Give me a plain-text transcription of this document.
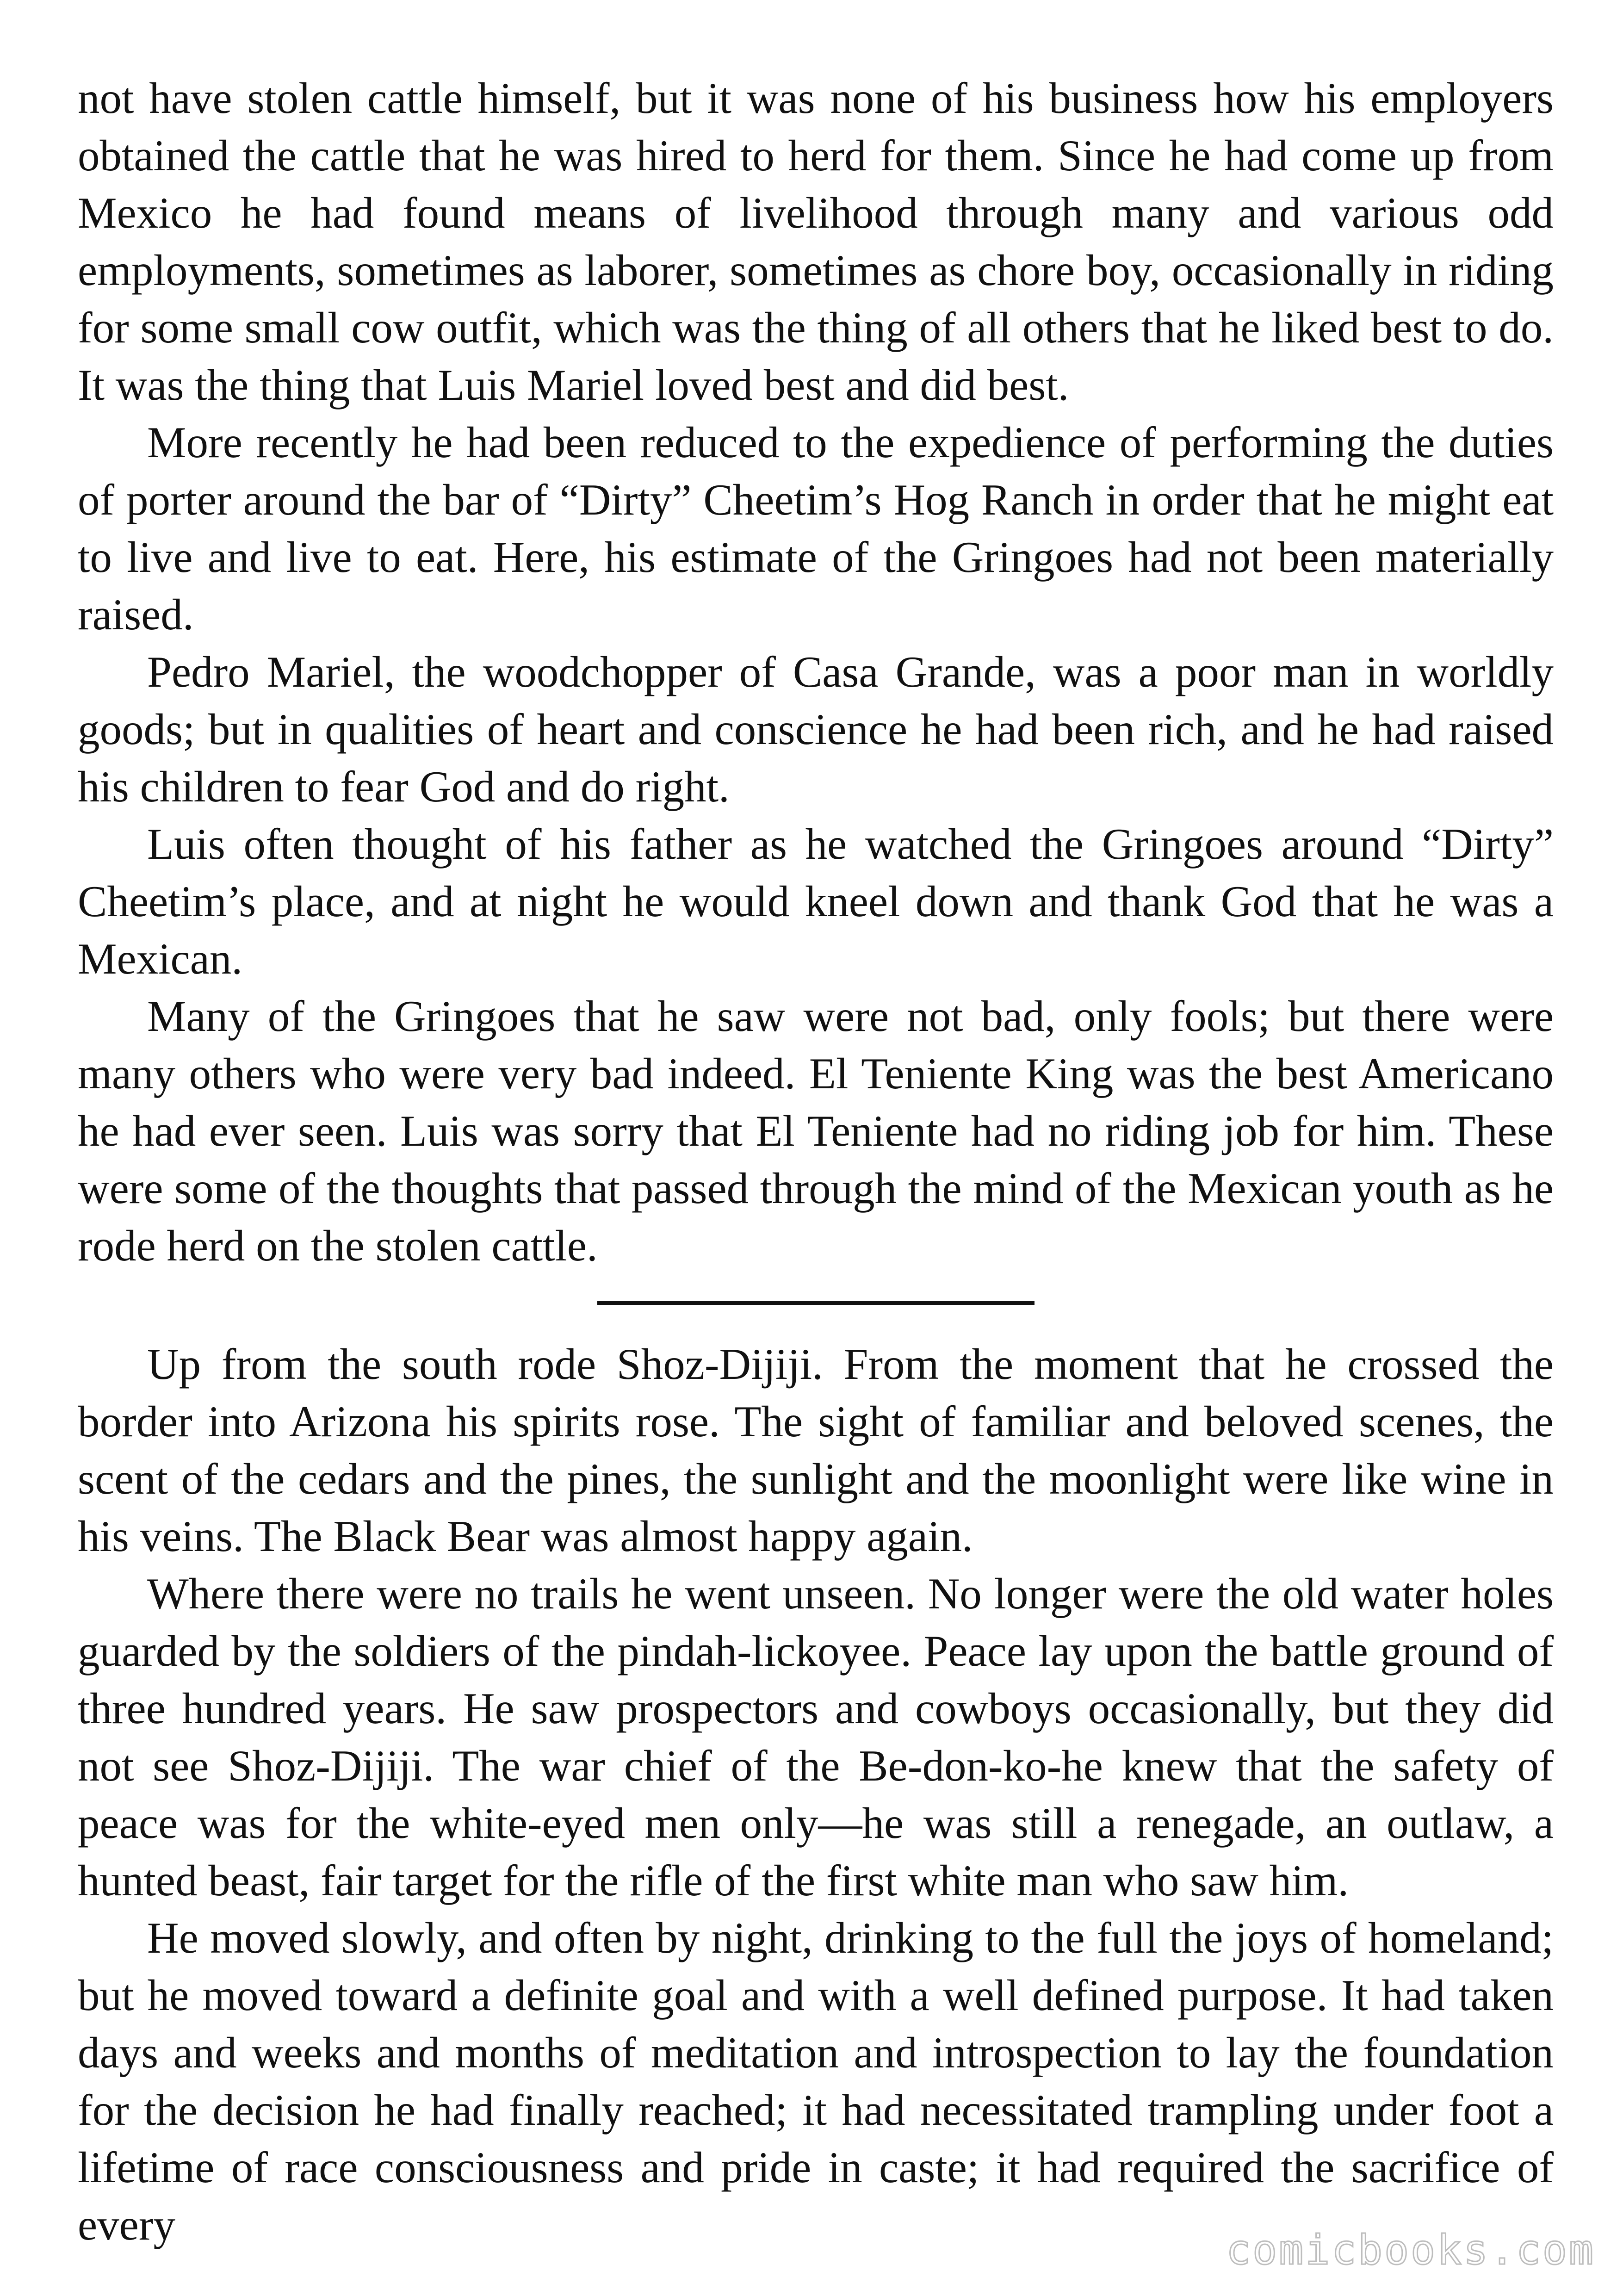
not have stolen cattle himself, but it was none of his business how his employers obtained the cattle that he was hired to herd for them. Since he had come up from Mexico he had found means of livelihood through many and various odd employments, sometimes as laborer, sometimes as chore boy, occasionally in riding for some small cow outfit, which was the thing of all others that he liked best to do. It was the thing that Luis Mariel loved best and did best.

More recently he had been reduced to the expedience of performing the duties of porter around the bar of “Dirty” Cheetim’s Hog Ranch in order that he might eat to live and live to eat. Here, his estimate of the Gringoes had not been materially raised.

Pedro Mariel, the woodchopper of Casa Grande, was a poor man in worldly goods; but in qualities of heart and conscience he had been rich, and he had raised his children to fear God and do right.

Luis often thought of his father as he watched the Gringoes around “Dirty” Cheetim’s place, and at night he would kneel down and thank God that he was a Mexican.

Many of the Gringoes that he saw were not bad, only fools; but there were many others who were very bad indeed. El Teniente King was the best Americano he had ever seen. Luis was sorry that El Teniente had no riding job for him. These were some of the thoughts that passed through the mind of the Mexican youth as he rode herd on the stolen cattle.

Up from the south rode Shoz-Dijiji. From the moment that he crossed the border into Arizona his spirits rose. The sight of familiar and beloved scenes, the scent of the cedars and the pines, the sunlight and the moonlight were like wine in his veins. The Black Bear was almost happy again.

Where there were no trails he went unseen. No longer were the old water holes guarded by the soldiers of the pindah-lickoyee. Peace lay upon the battle ground of three hundred years. He saw prospectors and cowboys occasionally, but they did not see Shoz-Dijiji. The war chief of the Be-don-ko-he knew that the safety of peace was for the white-eyed men only—he was still a renegade, an outlaw, a hunted beast, fair target for the rifle of the first white man who saw him.

He moved slowly, and often by night, drinking to the full the joys of homeland; but he moved toward a definite goal and with a well defined purpose. It had taken days and weeks and months of meditation and introspection to lay the foundation for the decision he had finally reached; it had necessitated trampling under foot a lifetime of race consciousness and pride in caste; it had required the sacrifice of every

comicbooks.com
